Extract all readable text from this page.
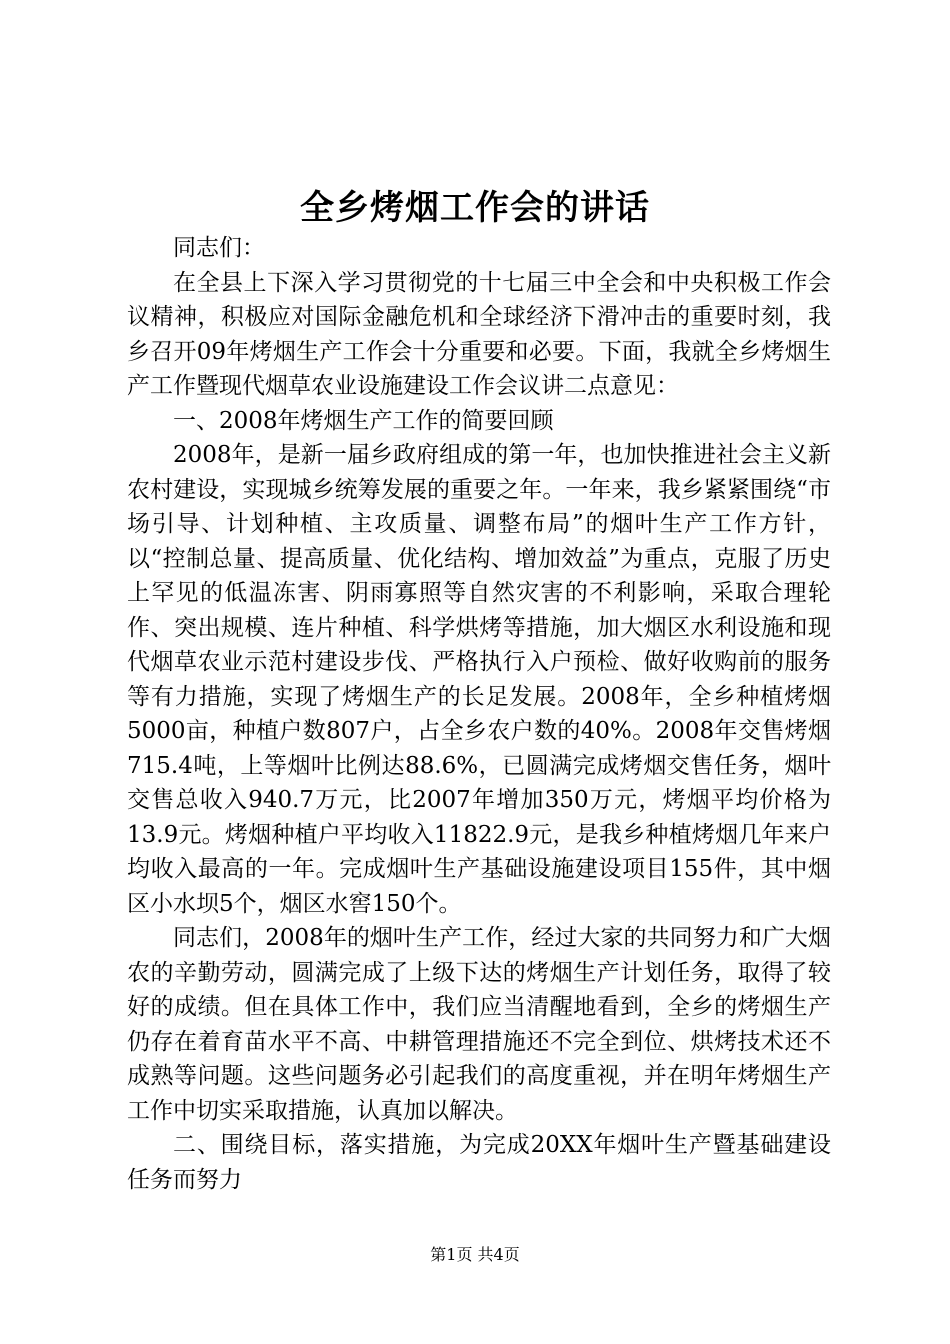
全乡烤烟工作会的讲话

同志们：

在全县上下深入学习贯彻党的十七届三中全会和中央积极工作会议精神，积极应对国际金融危机和全球经济下滑冲击的重要时刻，我乡召开09年烤烟生产工作会十分重要和必要。下面，我就全乡烤烟生产工作暨现代烟草农业设施建设工作会议讲二点意见：

一、2008年烤烟生产工作的简要回顾

2008年，是新一届乡政府组成的第一年，也加快推进社会主义新农村建设，实现城乡统筹发展的重要之年。一年来，我乡紧紧围绕“市场引导、计划种植、主攻质量、调整布局”的烟叶生产工作方针，以“控制总量、提高质量、优化结构、增加效益”为重点，克服了历史上罕见的低温冻害、阴雨寡照等自然灾害的不利影响，采取合理轮作、突出规模、连片种植、科学烘烤等措施，加大烟区水利设施和现代烟草农业示范村建设步伐、严格执行入户预检、做好收购前的服务等有力措施，实现了烤烟生产的长足发展。2008年，全乡种植烤烟5000亩，种植户数807户，占全乡农户数的40%。2008年交售烤烟715.4吨，上等烟叶比例达88.6%，已圆满完成烤烟交售任务，烟叶交售总收入940.7万元，比2007年增加350万元，烤烟平均价格为13.9元。烤烟种植户平均收入11822.9元，是我乡种植烤烟几年来户均收入最高的一年。完成烟叶生产基础设施建设项目155件，其中烟区小水坝5个，烟区水窖150个。

同志们，2008年的烟叶生产工作，经过大家的共同努力和广大烟农的辛勤劳动，圆满完成了上级下达的烤烟生产计划任务，取得了较好的成绩。但在具体工作中，我们应当清醒地看到，全乡的烤烟生产仍存在着育苗水平不高、中耕管理措施还不完全到位、烘烤技术还不成熟等问题。这些问题务必引起我们的高度重视，并在明年烤烟生产工作中切实采取措施，认真加以解决。

二、围绕目标，落实措施，为完成20XX年烟叶生产暨基础建设任务而努力

第1页 共4页
